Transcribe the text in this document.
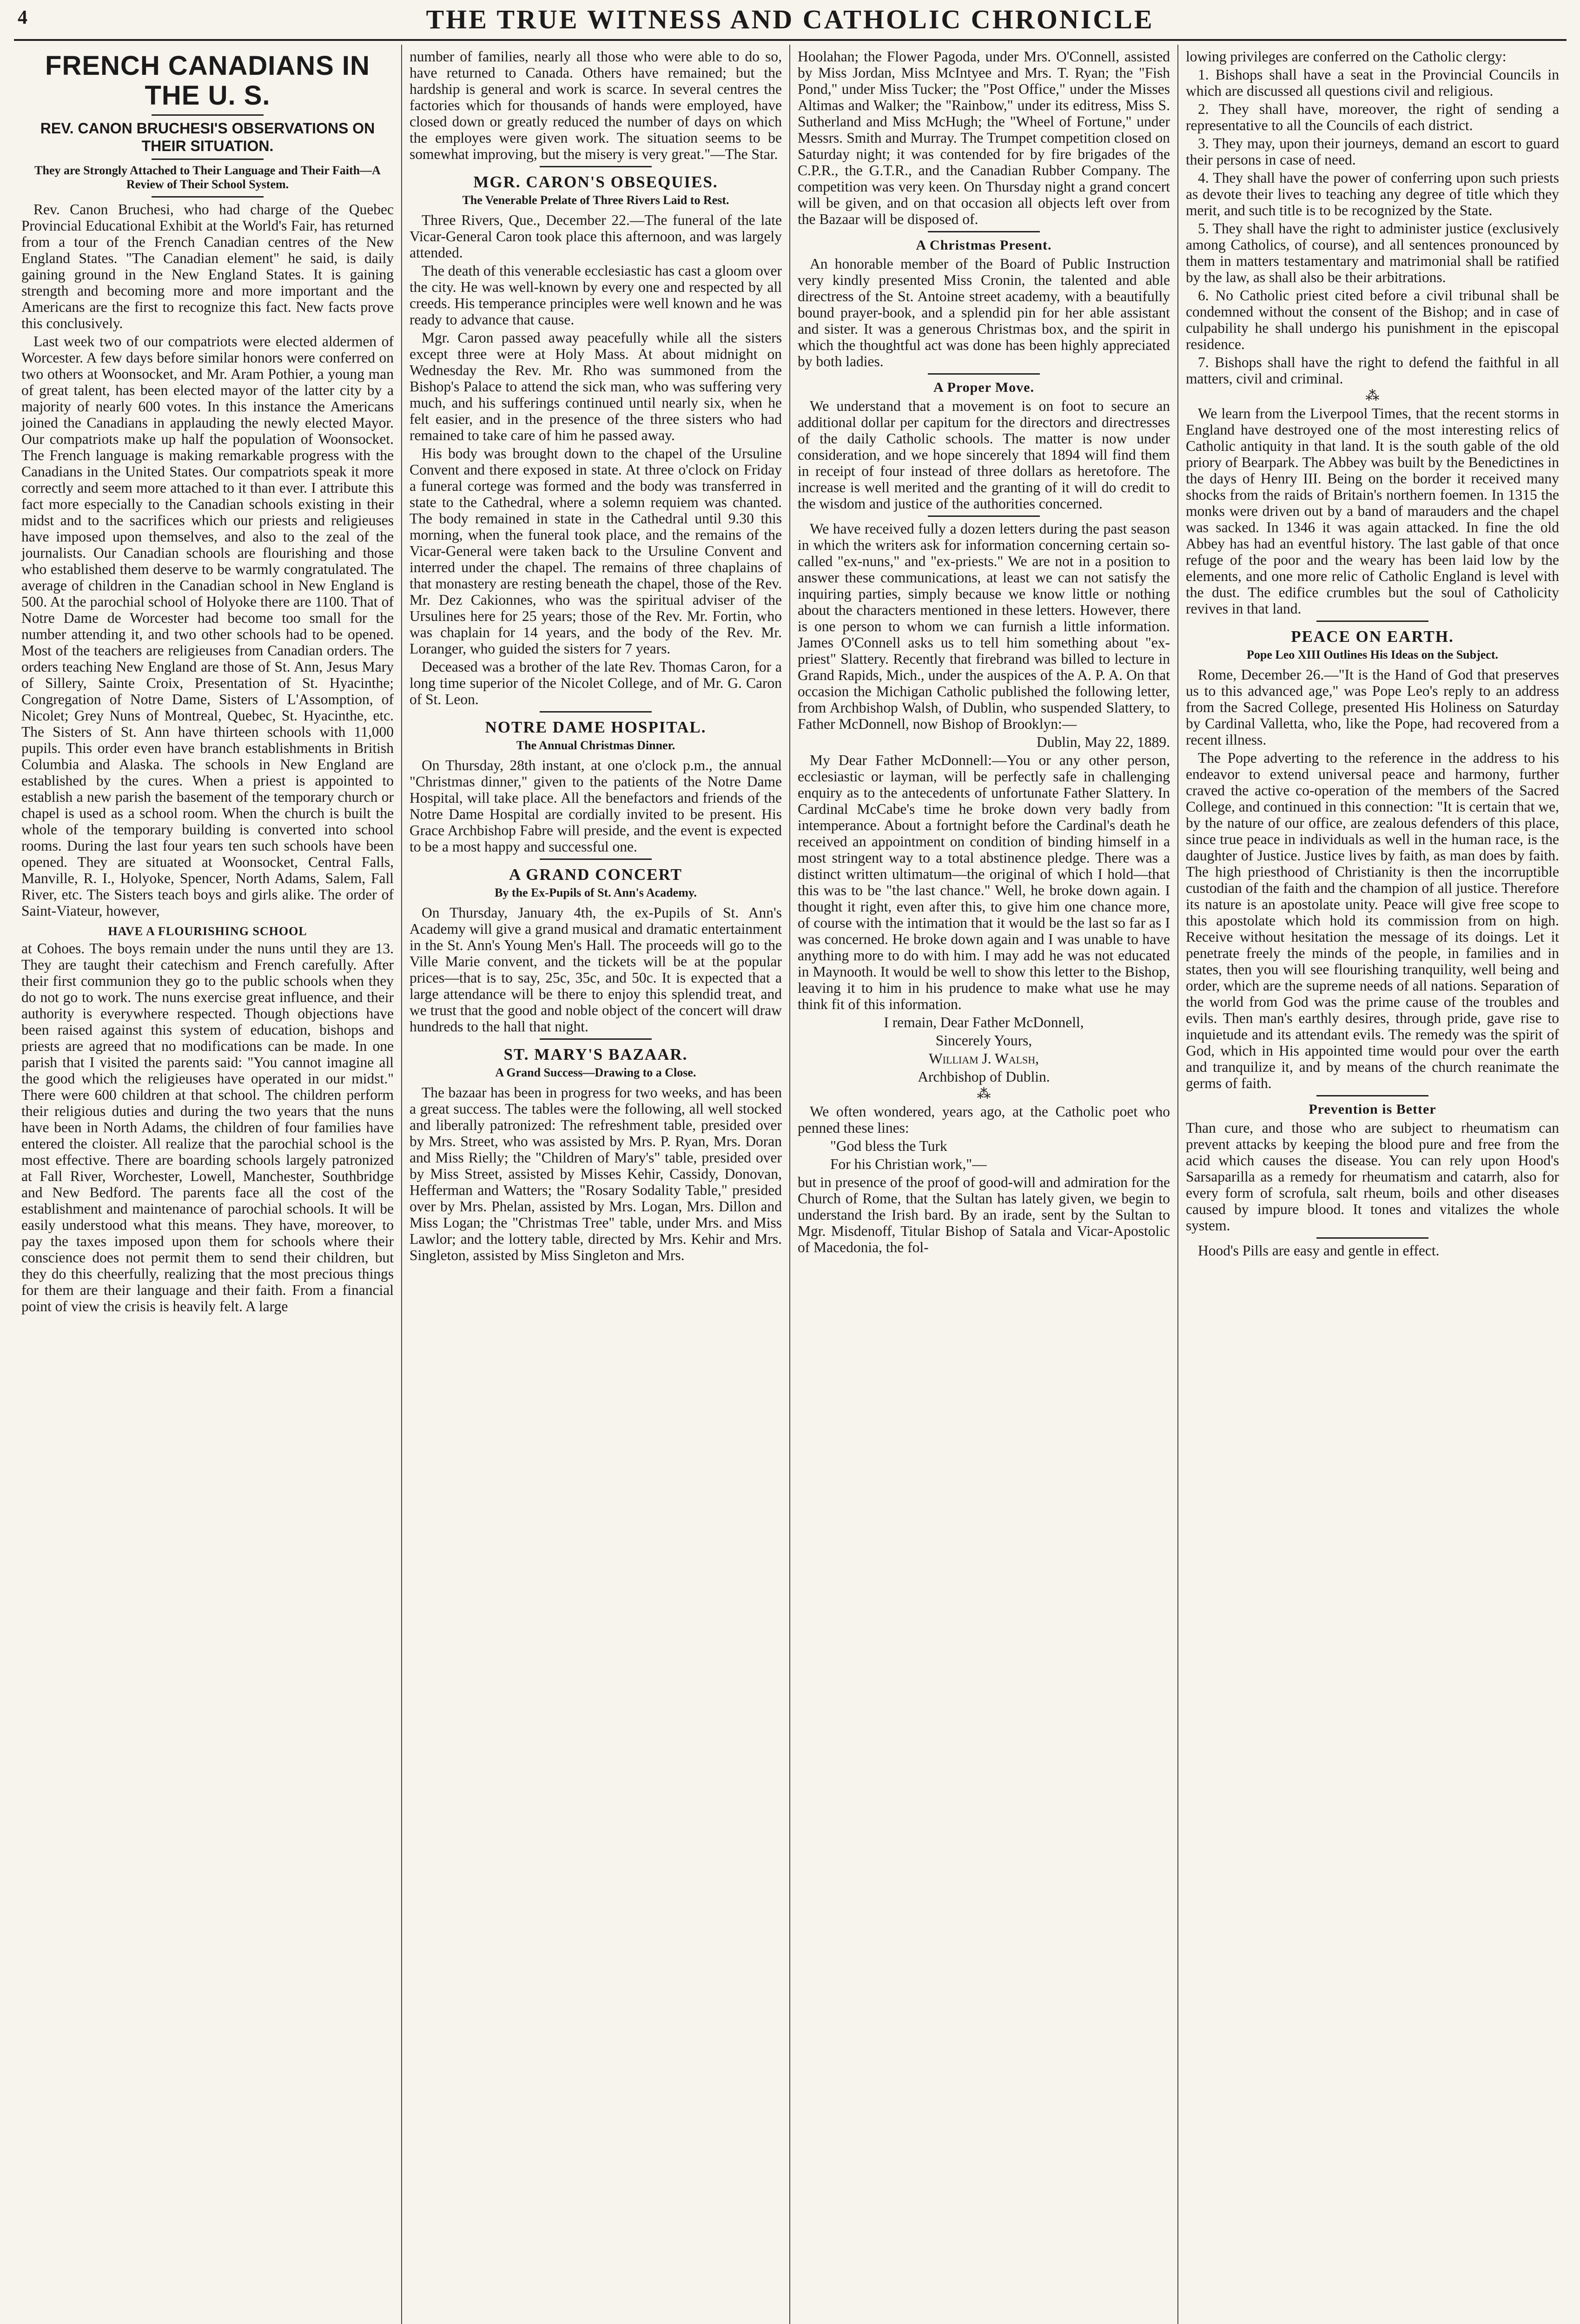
4	THE TRUE WITNESS AND CATHOLIC CHRONICLE
FRENCH CANADIANS IN THE U. S.
REV. CANON BRUCHESI'S OBSERVATIONS ON THEIR SITUATION.
They are Strongly Attached to Their Language and Their Faith—A Review of Their School System.

Rev. Canon Bruchesi, who had charge of the Quebec Provincial Educational Exhibit at the World's Fair, has returned from a tour of the French Canadian centres of the New England States. "The Canadian element" he said, is daily gaining ground in the New England States. It is gaining strength and becoming more and more important and the Americans are the first to recognize this fact. New facts prove this conclusively.

Last week two of our compatriots were elected aldermen of Worcester. A few days before similar honors were conferred on two others at Woonsocket, and Mr. Aram Pothier, a young man of great talent, has been elected mayor of the latter city by a majority of nearly 600 votes. In this instance the Americans joined the Canadians in applauding the newly elected Mayor. Our compatriots make up half the population of Woonsocket. The French language is making remarkable progress with the Canadians in the United States. Our compatriots speak it more correctly and seem more attached to it than ever. I attribute this fact more especially to the Canadian schools existing in their midst and to the sacrifices which our priests and religieuses have imposed upon themselves, and also to the zeal of the journalists. Our Canadian schools are flourishing and those who established them deserve to be warmly congratulated. The average of children in the Canadian school in New England is 500. At the parochial school of Holyoke there are 1100. That of Notre Dame de Worcester had become too small for the number attending it, and two other schools had to be opened. Most of the teachers are religieuses from Canadian orders. The orders teaching New England are those of St. Ann, Jesus Mary of Sillery, Sainte Croix, Presentation of St. Hyacinthe; Congregation of Notre Dame, Sisters of L'Assomption, of Nicolet; Grey Nuns of Montreal, Quebec, St. Hyacinthe, etc. The Sisters of St. Ann have thirteen schools with 11,000 pupils. This order even have branch establishments in British Columbia and Alaska. The schools in New England are established by the cures. When a priest is appointed to establish a new parish the basement of the temporary church or chapel is used as a school room. When the church is built the whole of the temporary building is converted into school rooms. During the last four years ten such schools have been opened. They are situated at Woonsocket, Central Falls, Manville, R. I., Holyoke, Spencer, North Adams, Salem, Fall River, etc. The Sisters teach boys and girls alike. The order of Saint-Viateur, however,

HAVE A FLOURISHING SCHOOL

at Cohoes. The boys remain under the nuns until they are 13. They are taught their catechism and French carefully. After their first communion they go to the public schools when they do not go to work. The nuns exercise great influence, and their authority is everywhere respected. Though objections have been raised against this system of education, bishops and priests are agreed that no modifications can be made. In one parish that I visited the parents said: "You cannot imagine all the good which the religieuses have operated in our midst." There were 600 children at that school. The children perform their religious duties and during the two years that the nuns have been in North Adams, the children of four families have entered the cloister. All realize that the parochial school is the most effective. There are boarding schools largely patronized at Fall River, Worchester, Lowell, Manchester, Southbridge and New Bedford. The parents face all the cost of the establishment and maintenance of parochial schools. It will be easily understood what this means. They have, moreover, to pay the taxes imposed upon them for schools where their conscience does not permit them to send their children, but they do this cheerfully, realizing that the most precious things for them are their language and their faith. From a financial point of view the crisis is heavily felt. A large

number of families, nearly all those who were able to do so, have returned to Canada. Others have remained; but the hardship is general and work is scarce. In several centres the factories which for thousands of hands were employed, have closed down or greatly reduced the number of days on which the employes were given work. The situation seems to be somewhat improving, but the misery is very great."—The Star.

MGR. CARON'S OBSEQUIES.
The Venerable Prelate of Three Rivers Laid to Rest.

Three Rivers, Que., December 22.—The funeral of the late Vicar-General Caron took place this afternoon, and was largely attended.

The death of this venerable ecclesiastic has cast a gloom over the city. He was well-known by every one and respected by all creeds. His temperance principles were well known and he was ready to advance that cause.

Mgr. Caron passed away peacefully while all the sisters except three were at Holy Mass. At about midnight on Wednesday the Rev. Mr. Rho was summoned from the Bishop's Palace to attend the sick man, who was suffering very much, and his sufferings continued until nearly six, when he felt easier, and in the presence of the three sisters who had remained to take care of him he passed away.

His body was brought down to the chapel of the Ursuline Convent and there exposed in state. At three o'clock on Friday a funeral cortege was formed and the body was transferred in state to the Cathedral, where a solemn requiem was chanted. The body remained in state in the Cathedral until 9.30 this morning, when the funeral took place, and the remains of the Vicar-General were taken back to the Ursuline Convent and interred under the chapel. The remains of three chaplains of that monastery are resting beneath the chapel, those of the Rev. Mr. Dez Cakionnes, who was the spiritual adviser of the Ursulines here for 25 years; those of the Rev. Mr. Fortin, who was chaplain for 14 years, and the body of the Rev. Mr. Loranger, who guided the sisters for 7 years.

Deceased was a brother of the late Rev. Thomas Caron, for a long time superior of the Nicolet College, and of Mr. G. Caron of St. Leon.

NOTRE DAME HOSPITAL.
The Annual Christmas Dinner.

On Thursday, 28th instant, at one o'clock p.m., the annual "Christmas dinner," given to the patients of the Notre Dame Hospital, will take place. All the benefactors and friends of the Notre Dame Hospital are cordially invited to be present. His Grace Archbishop Fabre will preside, and the event is expected to be a most happy and successful one.

A GRAND CONCERT
By the Ex-Pupils of St. Ann's Academy.

On Thursday, January 4th, the ex-Pupils of St. Ann's Academy will give a grand musical and dramatic entertainment in the St. Ann's Young Men's Hall. The proceeds will go to the Ville Marie convent, and the tickets will be at the popular prices—that is to say, 25c, 35c, and 50c. It is expected that a large attendance will be there to enjoy this splendid treat, and we trust that the good and noble object of the concert will draw hundreds to the hall that night.

ST. MARY'S BAZAAR.
A Grand Success—Drawing to a Close.

The bazaar has been in progress for two weeks, and has been a great success. The tables were the following, all well stocked and liberally patronized: The refreshment table, presided over by Mrs. Street, who was assisted by Mrs. P. Ryan, Mrs. Doran and Miss Rielly; the "Children of Mary's" table, presided over by Miss Street, assisted by Misses Kehir, Cassidy, Donovan, Hefferman and Watters; the "Rosary Sodality Table," presided over by Mrs. Phelan, assisted by Mrs. Logan, Mrs. Dillon and Miss Logan; the "Christmas Tree" table, under Mrs. and Miss Lawlor; and the lottery table, directed by Mrs. Kehir and Mrs. Singleton, assisted by Miss Singleton and Mrs.

Hoolahan; the Flower Pagoda, under Mrs. O'Connell, assisted by Miss Jordan, Miss McIntyee and Mrs. T. Ryan; the "Fish Pond," under Miss Tucker; the "Post Office," under the Misses Altimas and Walker; the "Rainbow," under its editress, Miss S. Sutherland and Miss McHugh; the "Wheel of Fortune," under Messrs. Smith and Murray. The Trumpet competition closed on Saturday night; it was contended for by fire brigades of the C.P.R., the G.T.R., and the Canadian Rubber Company. The competition was very keen. On Thursday night a grand concert will be given, and on that occasion all objects left over from the Bazaar will be disposed of.

A Christmas Present.

An honorable member of the Board of Public Instruction very kindly presented Miss Cronin, the talented and able directress of the St. Antoine street academy, with a beautifully bound prayer-book, and a splendid pin for her able assistant and sister. It was a generous Christmas box, and the spirit in which the thoughtful act was done has been highly appreciated by both ladies.

A Proper Move.

We understand that a movement is on foot to secure an additional dollar per capitum for the directors and directresses of the daily Catholic schools. The matter is now under consideration, and we hope sincerely that 1894 will find them in receipt of four instead of three dollars as heretofore. The increase is well merited and the granting of it will do credit to the wisdom and justice of the authorities concerned.

We have received fully a dozen letters during the past season in which the writers ask for information concerning certain so-called "ex-nuns," and "ex-priests." We are not in a position to answer these communications, at least we can not satisfy the inquiring parties, simply because we know little or nothing about the characters mentioned in these letters. However, there is one person to whom we can furnish a little information. James O'Connell asks us to tell him something about "ex-priest" Slattery. Recently that firebrand was billed to lecture in Grand Rapids, Mich., under the auspices of the A. P. A. On that occasion the Michigan Catholic published the following letter, from Archbishop Walsh, of Dublin, who suspended Slattery, to Father McDonnell, now Bishop of Brooklyn:—

Dublin, May 22, 1889.

My Dear Father McDonnell:—You or any other person, ecclesiastic or layman, will be perfectly safe in challenging enquiry as to the antecedents of unfortunate Father Slattery. In Cardinal McCabe's time he broke down very badly from intemperance. About a fortnight before the Cardinal's death he received an appointment on condition of binding himself in a most stringent way to a total abstinence pledge. There was a distinct written ultimatum—the original of which I hold—that this was to be "the last chance." Well, he broke down again. I thought it right, even after this, to give him one chance more, of course with the intimation that it would be the last so far as I was concerned. He broke down again and I was unable to have anything more to do with him. I may add he was not educated in Maynooth. It would be well to show this letter to the Bishop, leaving it to him in his prudence to make what use he may think fit of this information.

I remain, Dear Father McDonnell,

Sincerely Yours,

William J. Walsh,

Archbishop of Dublin.

⁂

We often wondered, years ago, at the Catholic poet who penned these lines:

"God bless the Turk

For his Christian work,"—

but in presence of the proof of good-will and admiration for the Church of Rome, that the Sultan has lately given, we begin to understand the Irish bard. By an irade, sent by the Sultan to Mgr. Misdenoff, Titular Bishop of Satala and Vicar-Apostolic of Macedonia, the fol-

lowing privileges are conferred on the Catholic clergy:

1. Bishops shall have a seat in the Provincial Councils in which are discussed all questions civil and religious.

2. They shall have, moreover, the right of sending a representative to all the Councils of each district.

3. They may, upon their journeys, demand an escort to guard their persons in case of need.

4. They shall have the power of conferring upon such priests as devote their lives to teaching any degree of title which they merit, and such title is to be recognized by the State.

5. They shall have the right to administer justice (exclusively among Catholics, of course), and all sentences pronounced by them in matters testamentary and matrimonial shall be ratified by the law, as shall also be their arbitrations.

6. No Catholic priest cited before a civil tribunal shall be condemned without the consent of the Bishop; and in case of culpability he shall undergo his punishment in the episcopal residence.

7. Bishops shall have the right to defend the faithful in all matters, civil and criminal.

⁂

We learn from the Liverpool Times, that the recent storms in England have destroyed one of the most interesting relics of Catholic antiquity in that land. It is the south gable of the old priory of Bearpark. The Abbey was built by the Benedictines in the days of Henry III. Being on the border it received many shocks from the raids of Britain's northern foemen. In 1315 the monks were driven out by a band of marauders and the chapel was sacked. In 1346 it was again attacked. In fine the old Abbey has had an eventful history. The last gable of that once refuge of the poor and the weary has been laid low by the elements, and one more relic of Catholic England is level with the dust. The edifice crumbles but the soul of Catholicity revives in that land.

PEACE ON EARTH.
Pope Leo XIII Outlines His Ideas on the Subject.

Rome, December 26.—"It is the Hand of God that preserves us to this advanced age," was Pope Leo's reply to an address from the Sacred College, presented His Holiness on Saturday by Cardinal Valletta, who, like the Pope, had recovered from a recent illness.

The Pope adverting to the reference in the address to his endeavor to extend universal peace and harmony, further craved the active co-operation of the members of the Sacred College, and continued in this connection: "It is certain that we, by the nature of our office, are zealous defenders of this place, since true peace in individuals as well in the human race, is the daughter of Justice. Justice lives by faith, as man does by faith. The high priesthood of Christianity is then the incorruptible custodian of the faith and the champion of all justice. Therefore its nature is an apostolate unity. Peace will give free scope to this apostolate which hold its commission from on high. Receive without hesitation the message of its doings. Let it penetrate freely the minds of the people, in families and in states, then you will see flourishing tranquility, well being and order, which are the supreme needs of all nations. Separation of the world from God was the prime cause of the troubles and evils. Then man's earthly desires, through pride, gave rise to inquietude and its attendant evils. The remedy was the spirit of God, which in His appointed time would pour over the earth and tranquilize it, and by means of the church reanimate the germs of faith.

Prevention is Better

Than cure, and those who are subject to rheumatism can prevent attacks by keeping the blood pure and free from the acid which causes the disease. You can rely upon Hood's Sarsaparilla as a remedy for rheumatism and catarrh, also for every form of scrofula, salt rheum, boils and other diseases caused by impure blood. It tones and vitalizes the whole system.

Hood's Pills are easy and gentle in effect.
